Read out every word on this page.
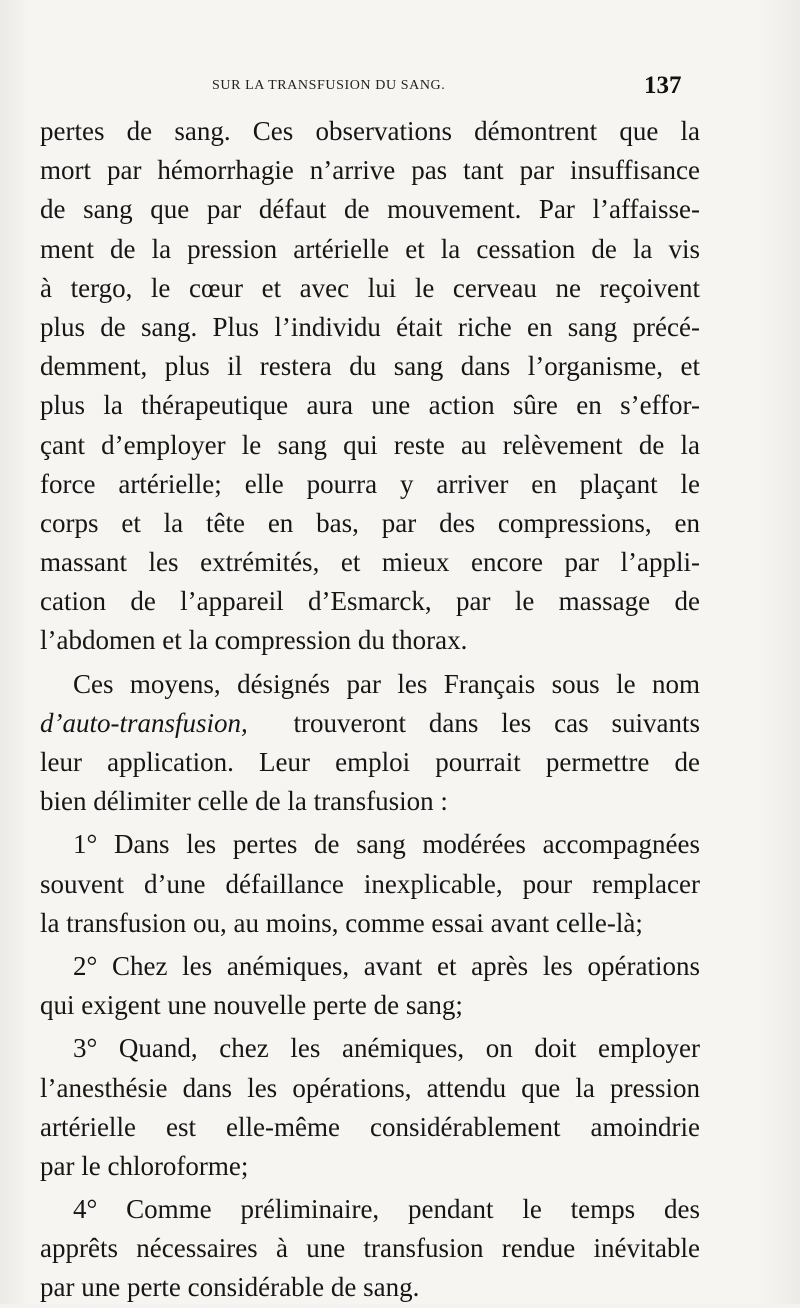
SUR LA TRANSFUSION DU SANG.	137
pertes de sang. Ces observations démontrent que la
mort par hémorrhagie n’arrive pas tant par insuffisance
de sang que par défaut de mouvement. Par l’affaisse-
ment de la pression artérielle et la cessation de la vis
à tergo, le cœur et avec lui le cerveau ne reçoivent
plus de sang. Plus l’individu était riche en sang précé-
demment, plus il restera du sang dans l’organisme, et
plus la thérapeutique aura une action sûre en s’effor-
çant d’employer le sang qui reste au relèvement de la
force artérielle; elle pourra y arriver en plaçant le
corps et la tête en bas, par des compressions, en
massant les extrémités, et mieux encore par l’appli-
cation de l’appareil d’Esmarck, par le massage de
l’abdomen et la compression du thorax.
Ces moyens, désignés par les Français sous le nom
d’auto-transfusion, trouveront dans les cas suivants
leur application. Leur emploi pourrait permettre de
bien délimiter celle de la transfusion :
1° Dans les pertes de sang modérées accompagnées
souvent d’une défaillance inexplicable, pour remplacer
la transfusion ou, au moins, comme essai avant celle-là;
2° Chez les anémiques, avant et après les opérations
qui exigent une nouvelle perte de sang;
3° Quand, chez les anémiques, on doit employer
l’anesthésie dans les opérations, attendu que la pression
artérielle est elle-même considérablement amoindrie
par le chloroforme;
4° Comme préliminaire, pendant le temps des
apprêts nécessaires à une transfusion rendue inévitable
par une perte considérable de sang.
